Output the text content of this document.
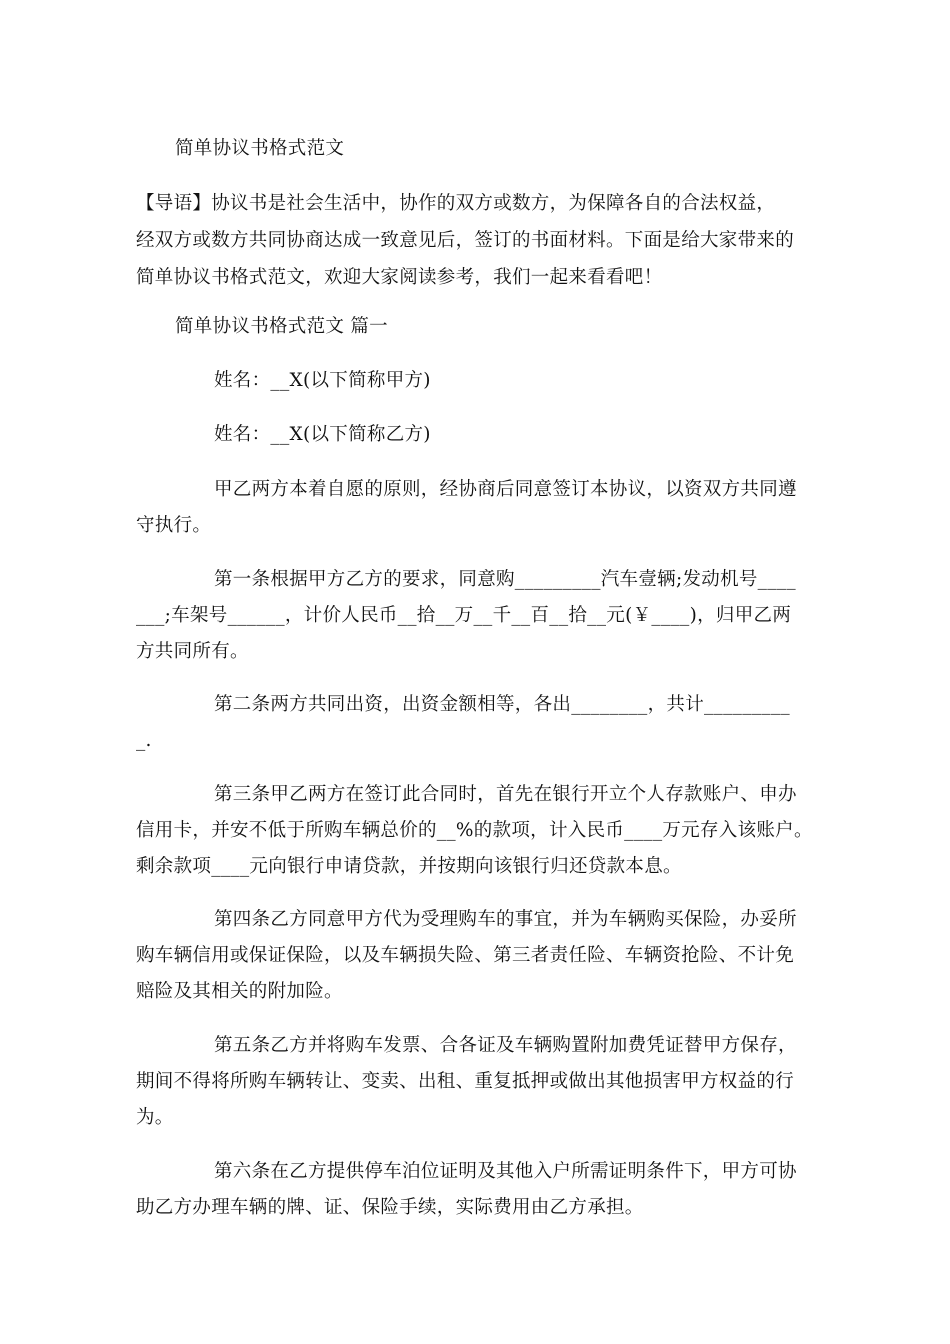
简单协议书格式范文

【导语】协议书是社会生活中，协作的双方或数方，为保障各自的合法权益，

经双方或数方共同协商达成一致意见后，签订的书面材料。下面是给大家带来的

简单协议书格式范文，欢迎大家阅读参考，我们一起来看看吧！

简单协议书格式范文 篇一

姓名：__X(以下简称甲方)

姓名：__X(以下简称乙方)

甲乙两方本着自愿的原则，经协商后同意签订本协议，以资双方共同遵

守执行。

第一条根据甲方乙方的要求，同意购_________汽车壹辆;发动机号____

___;车架号______，计价人民币__拾__万__千__百__拾__元(￥____)，归甲乙两

方共同所有。

第二条两方共同出资，出资金额相等，各出________，共计_________

_.

第三条甲乙两方在签订此合同时，首先在银行开立个人存款账户、申办

信用卡，并安不低于所购车辆总价的__%的款项，计入民币____万元存入该账户。

剩余款项____元向银行申请贷款，并按期向该银行归还贷款本息。

第四条乙方同意甲方代为受理购车的事宜，并为车辆购买保险，办妥所

购车辆信用或保证保险，以及车辆损失险、第三者责任险、车辆资抢险、不计免

赔险及其相关的附加险。

第五条乙方并将购车发票、合各证及车辆购置附加费凭证替甲方保存，

期间不得将所购车辆转让、变卖、出租、重复抵押或做出其他损害甲方权益的行

为。

第六条在乙方提供停车泊位证明及其他入户所需证明条件下，甲方可协

助乙方办理车辆的牌、证、保险手续，实际费用由乙方承担。
